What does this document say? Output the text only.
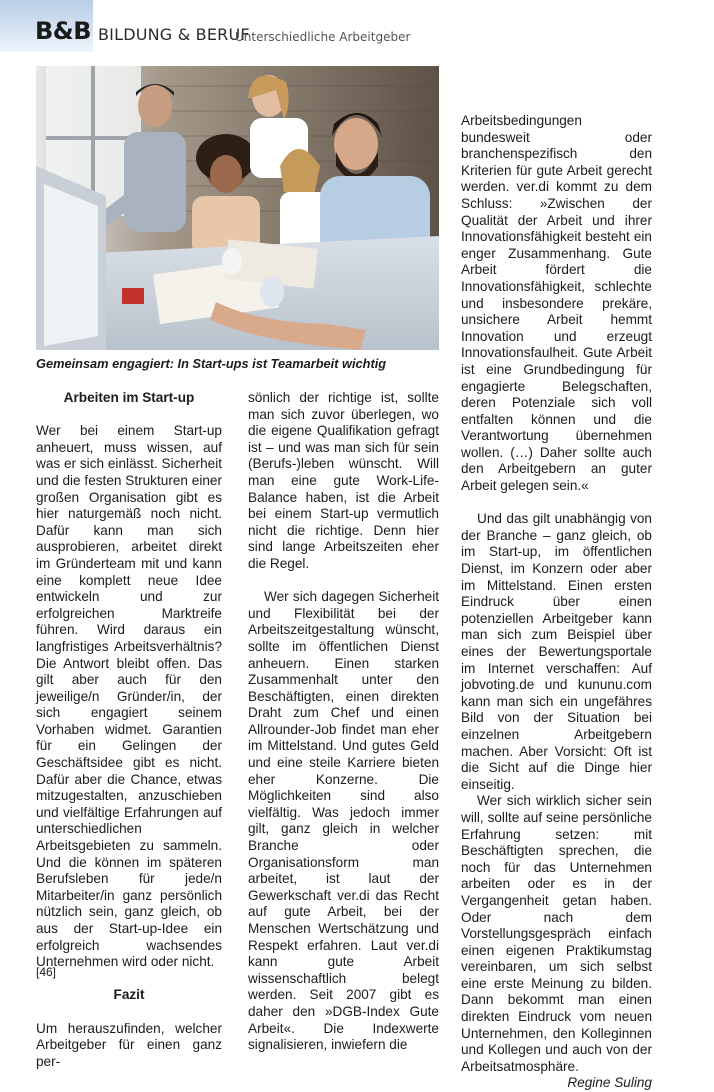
B&B BILDUNG & BERUF
Unterschiedliche Arbeitgeber
Gemeinsam engagiert: In Start-ups ist Teamarbeit wichtig

Arbeiten im Start-up

Wer bei einem Start-up anheuert, muss wissen, auf was er sich einlässt. Sicherheit und die festen Strukturen einer großen Organisation gibt es hier naturgemäß noch nicht. Dafür kann man sich ausprobieren, arbeitet direkt im Gründerteam mit und kann eine komplett neue Idee entwickeln und zur erfolgreichen Marktreife führen. Wird daraus ein langfristiges Arbeitsverhältnis? Die Antwort bleibt offen. Das gilt aber auch für den jeweilige/n Gründer/in, der sich engagiert seinem Vorhaben widmet. Garantien für ein Gelingen der Geschäftsidee gibt es nicht. Dafür aber die Chance, etwas mitzugestalten, anzuschieben und vielfältige Erfahrungen auf unterschiedlichen Arbeitsgebieten zu sammeln. Und die können im späteren Berufsleben für jede/n Mitarbeiter/in ganz persönlich nützlich sein, ganz gleich, ob aus der Start-up-Idee ein erfolgreich wachsendes Unternehmen wird oder nicht.

Fazit

Um herauszufinden, welcher Arbeitgeber für einen ganz per-

sönlich der richtige ist, sollte man sich zuvor überlegen, wo die eigene Qualifikation gefragt ist – und was man sich für sein (Berufs-)leben wünscht. Will man eine gute Work-Life-Balance haben, ist die Arbeit bei einem Start-up vermutlich nicht die richtige. Denn hier sind lange Arbeitszeiten eher die Regel.

Wer sich dagegen Sicherheit und Flexibilität bei der Arbeitszeitgestaltung wünscht, sollte im öffentlichen Dienst anheuern. Einen starken Zusammenhalt unter den Beschäftigten, einen direkten Draht zum Chef und einen Allrounder-Job findet man eher im Mittelstand. Und gutes Geld und eine steile Karriere bieten eher Konzerne. Die Möglichkeiten sind also vielfältig. Was jedoch immer gilt, ganz gleich in welcher Branche oder Organisationsform man arbeitet, ist laut der Gewerkschaft ver.di das Recht auf gute Arbeit, bei der Menschen Wertschätzung und Respekt erfahren. Laut ver.di kann gute Arbeit wissenschaftlich belegt werden. Seit 2007 gibt es daher den »DGB-Index Gute Arbeit«. Die Indexwerte signalisieren, inwiefern die

Arbeitsbedingungen bundesweit oder branchenspezifisch den Kriterien für gute Arbeit gerecht werden. ver.di kommt zu dem Schluss: »Zwischen der Qualität der Arbeit und ihrer Innovationsfähigkeit besteht ein enger Zusammenhang. Gute Arbeit fördert die Innovationsfähigkeit, schlechte und insbesondere prekäre, unsichere Arbeit hemmt Innovation und erzeugt Innovationsfaulheit. Gute Arbeit ist eine Grundbedingung für engagierte Belegschaften, deren Potenziale sich voll entfalten können und die Verantwortung übernehmen wollen. (…) Daher sollte auch den Arbeitgebern an guter Arbeit gelegen sein.«

Und das gilt unabhängig von der Branche – ganz gleich, ob im Start-up, im öffentlichen Dienst, im Konzern oder aber im Mittelstand. Einen ersten Eindruck über einen potenziellen Arbeitgeber kann man sich zum Beispiel über eines der Bewertungsportale im Internet verschaffen: Auf jobvoting.de und kununu.com kann man sich ein ungefähres Bild von der Situation bei einzelnen Arbeitgebern machen. Aber Vorsicht: Oft ist die Sicht auf die Dinge hier einseitig.

Wer sich wirklich sicher sein will, sollte auf seine persönliche Erfahrung setzen: mit Beschäftigten sprechen, die noch für das Unternehmen arbeiten oder es in der Vergangenheit getan haben. Oder nach dem Vorstellungsgespräch einfach einen eigenen Praktikumstag vereinbaren, um sich selbst eine erste Meinung zu bilden. Dann bekommt man einen direkten Eindruck vom neuen Unternehmen, den Kolleginnen und Kollegen und auch von der Arbeitsatmosphäre.

Regine Suling

[46]
